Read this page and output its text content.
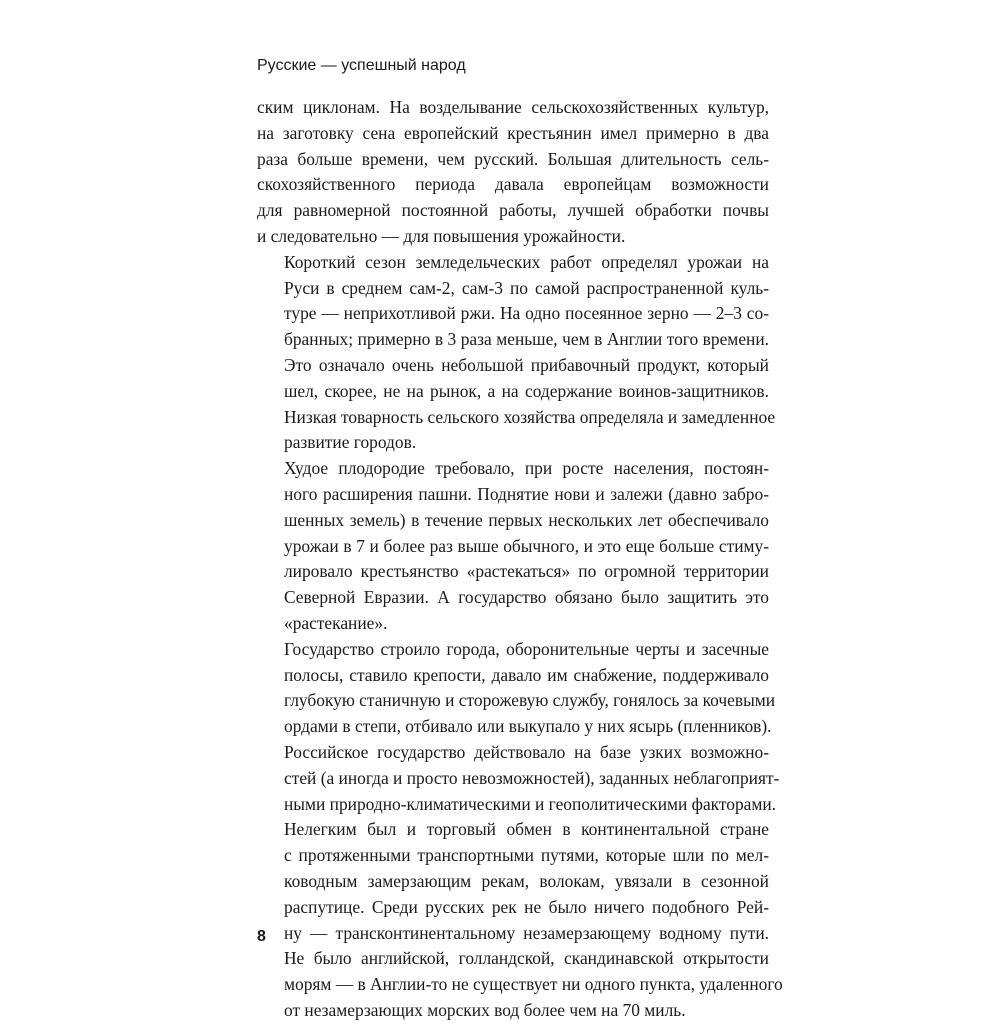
Русские — успешный народ

ским циклонам. На возделывание сельскохозяйственных культур,
на заготовку сена европейский крестьянин имел примерно в два
раза больше времени, чем русский. Большая длительность сель-
скохозяйственного периода давала европейцам возможности
для равномерной постоянной работы, лучшей обработки почвы
и следовательно — для повышения урожайности.

Короткий сезон земледельческих работ определял урожаи на
Руси в среднем сам-2, сам-3 по самой распространенной куль-
туре — неприхотливой ржи. На одно посеянное зерно — 2–3 со-
бранных; примерно в 3 раза меньше, чем в Англии того времени.
Это означало очень небольшой прибавочный продукт, который
шел, скорее, не на рынок, а на содержание воинов-защитников.
Низкая товарность сельского хозяйства определяла и замедленное
развитие городов.

Худое плодородие требовало, при росте населения, постоян-
ного расширения пашни. Поднятие нови и залежи (давно забро-
шенных земель) в течение первых нескольких лет обеспечивало
урожаи в 7 и более раз выше обычного, и это еще больше стиму-
лировало крестьянство «растекаться» по огромной территории
Северной Евразии. А государство обязано было защитить это
«растекание».

Государство строило города, оборонительные черты и засечные
полосы, ставило крепости, давало им снабжение, поддерживало
глубокую станичную и сторожевую службу, гонялось за кочевыми
ордами в степи, отбивало или выкупало у них ясырь (пленников).

Российское государство действовало на базе узких возможно-
стей (а иногда и просто невозможностей), заданных неблагоприят-
ными природно-климатическими и геополитическими факторами.

Нелегким был и торговый обмен в континентальной стране
с протяженными транспортными путями, которые шли по мел-
ководным замерзающим рекам, волокам, увязали в сезонной
распутице. Среди русских рек не было ничего подобного Рей-
ну — трансконтинентальному незамерзающему водному пути.
Не было английской, голландской, скандинавской открытости
морям — в Англии-то не существует ни одного пункта, удаленного
от незамерзающих морских вод более чем на 70 миль.

8
